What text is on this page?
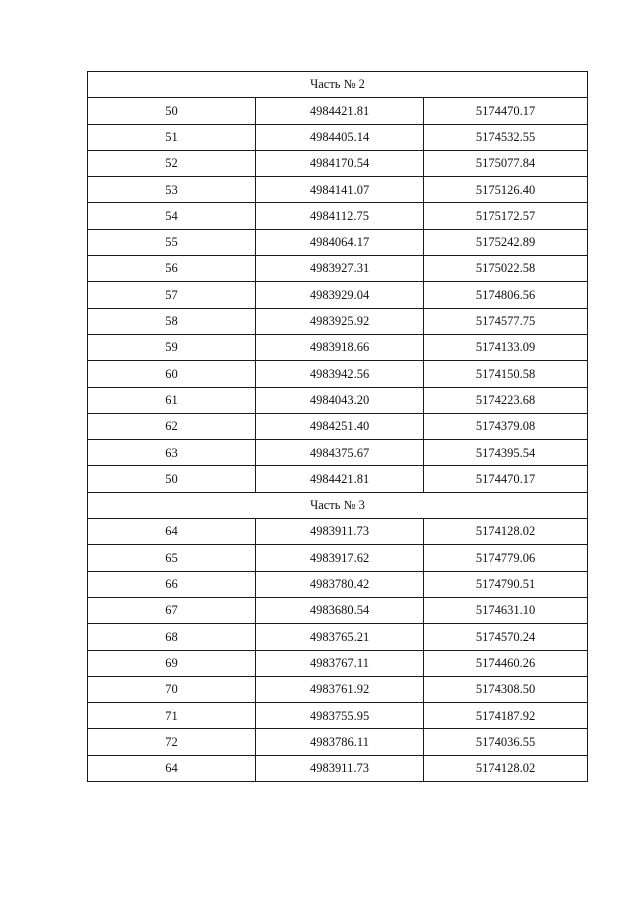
Часть № 2		
50	4984421.81	5174470.17
51	4984405.14	5174532.55
52	4984170.54	5175077.84
53	4984141.07	5175126.40
54	4984112.75	5175172.57
55	4984064.17	5175242.89
56	4983927.31	5175022.58
57	4983929.04	5174806.56
58	4983925.92	5174577.75
59	4983918.66	5174133.09
60	4983942.56	5174150.58
61	4984043.20	5174223.68
62	4984251.40	5174379.08
63	4984375.67	5174395.54
50	4984421.81	5174470.17
Часть № 3		
64	4983911.73	5174128.02
65	4983917.62	5174779.06
66	4983780.42	5174790.51
67	4983680.54	5174631.10
68	4983765.21	5174570.24
69	4983767.11	5174460.26
70	4983761.92	5174308.50
71	4983755.95	5174187.92
72	4983786.11	5174036.55
64	4983911.73	5174128.02
